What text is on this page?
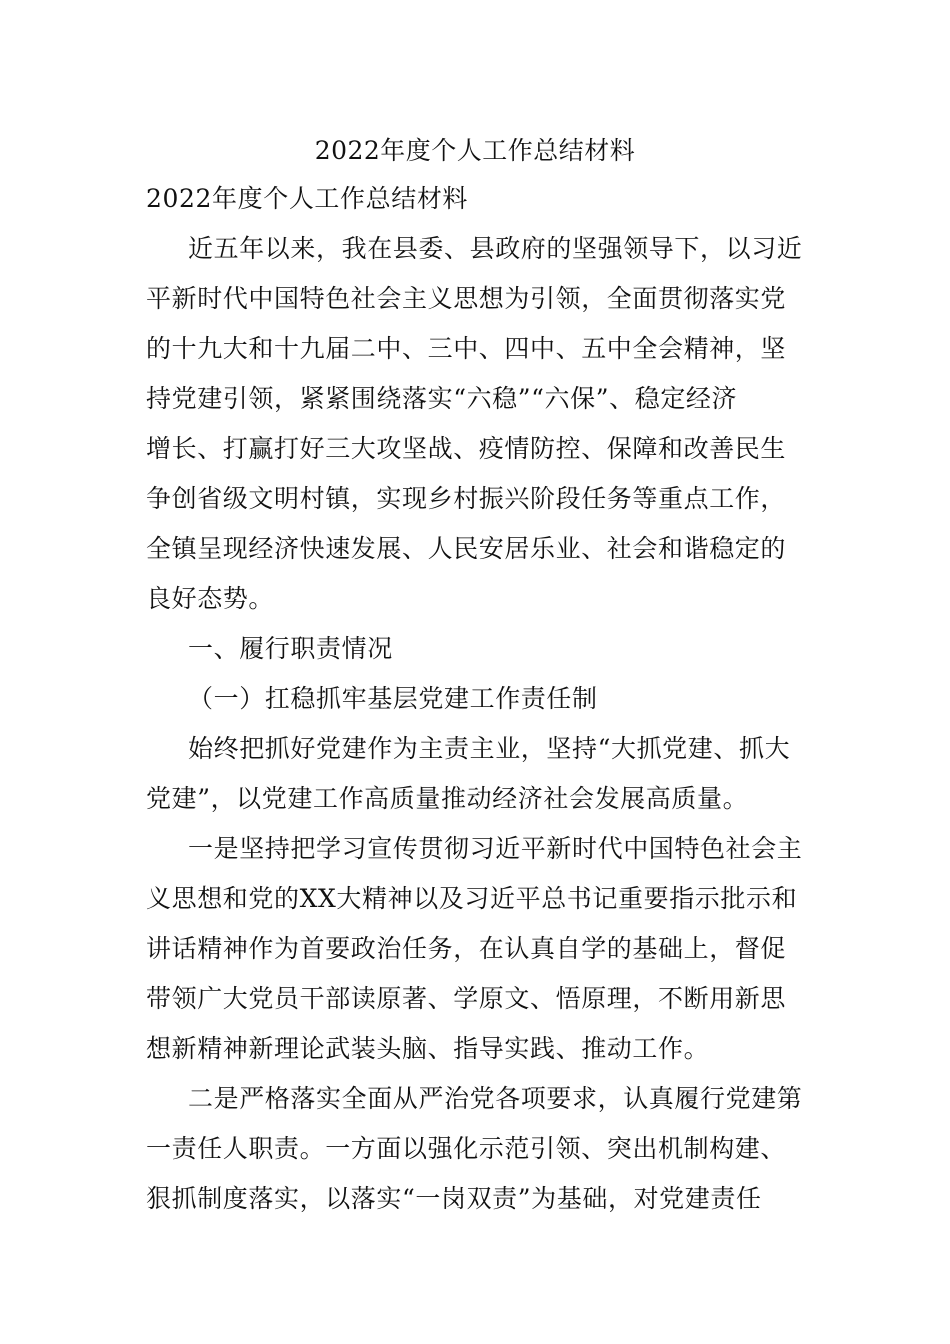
2022年度个人工作总结材料
2022年度个人工作总结材料
近五年以来，我在县委、县政府的坚强领导下，以习近
平新时代中国特色社会主义思想为引领，全面贯彻落实党
的十九大和十九届二中、三中、四中、五中全会精神，坚
持党建引领，紧紧围绕落实“六稳”“六保”、稳定经济
增长、打赢打好三大攻坚战、疫情防控、保障和改善民生
争创省级文明村镇，实现乡村振兴阶段任务等重点工作，
全镇呈现经济快速发展、人民安居乐业、社会和谐稳定的
良好态势。
一、履行职责情况
（一）扛稳抓牢基层党建工作责任制
始终把抓好党建作为主责主业，坚持“大抓党建、抓大
党建”，以党建工作高质量推动经济社会发展高质量。
一是坚持把学习宣传贯彻习近平新时代中国特色社会主
义思想和党的XX大精神以及习近平总书记重要指示批示和
讲话精神作为首要政治任务，在认真自学的基础上，督促
带领广大党员干部读原著、学原文、悟原理，不断用新思
想新精神新理论武装头脑、指导实践、推动工作。
二是严格落实全面从严治党各项要求，认真履行党建第
一责任人职责。一方面以强化示范引领、突出机制构建、
狠抓制度落实，以落实“一岗双责”为基础，对党建责任
